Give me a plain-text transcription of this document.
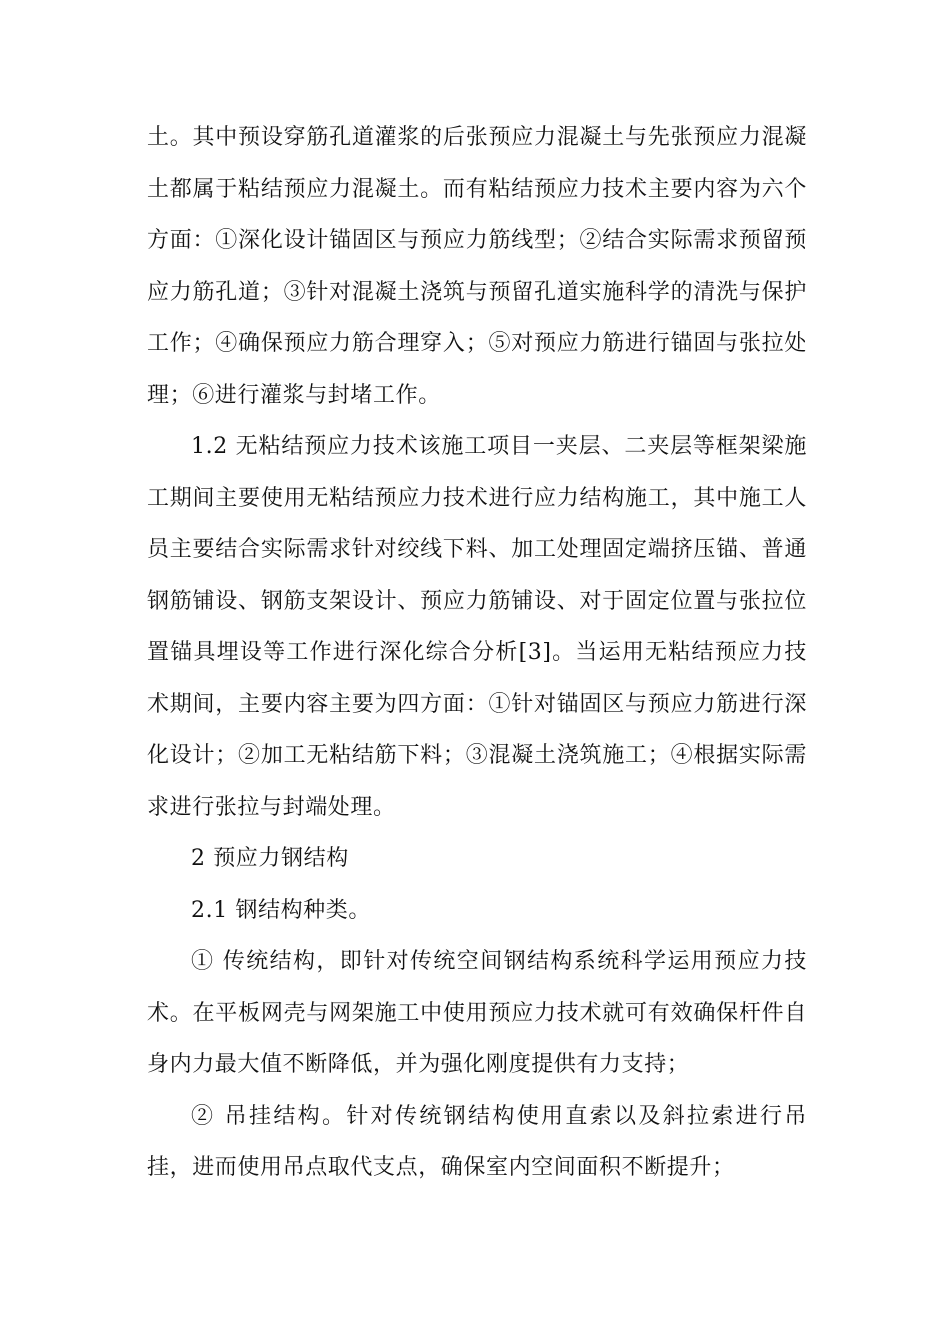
土。其中预设穿筋孔道灌浆的后张预应力混凝土与先张预应力混凝土都属于粘结预应力混凝土。而有粘结预应力技术主要内容为六个方面：①深化设计锚固区与预应力筋线型；②结合实际需求预留预应力筋孔道；③针对混凝土浇筑与预留孔道实施科学的清洗与保护工作；④确保预应力筋合理穿入；⑤对预应力筋进行锚固与张拉处理；⑥进行灌浆与封堵工作。

1.2 无粘结预应力技术该施工项目一夹层、二夹层等框架梁施工期间主要使用无粘结预应力技术进行应力结构施工，其中施工人员主要结合实际需求针对绞线下料、加工处理固定端挤压锚、普通钢筋铺设、钢筋支架设计、预应力筋铺设、对于固定位置与张拉位置锚具埋设等工作进行深化综合分析[3]。当运用无粘结预应力技术期间，主要内容主要为四方面：①针对锚固区与预应力筋进行深化设计；②加工无粘结筋下料；③混凝土浇筑施工；④根据实际需求进行张拉与封端处理。

2 预应力钢结构

2.1 钢结构种类。

① 传统结构，即针对传统空间钢结构系统科学运用预应力技术。在平板网壳与网架施工中使用预应力技术就可有效确保杆件自身内力最大值不断降低，并为强化刚度提供有力支持；

② 吊挂结构。针对传统钢结构使用直索以及斜拉索进行吊挂，进而使用吊点取代支点，确保室内空间面积不断提升；
